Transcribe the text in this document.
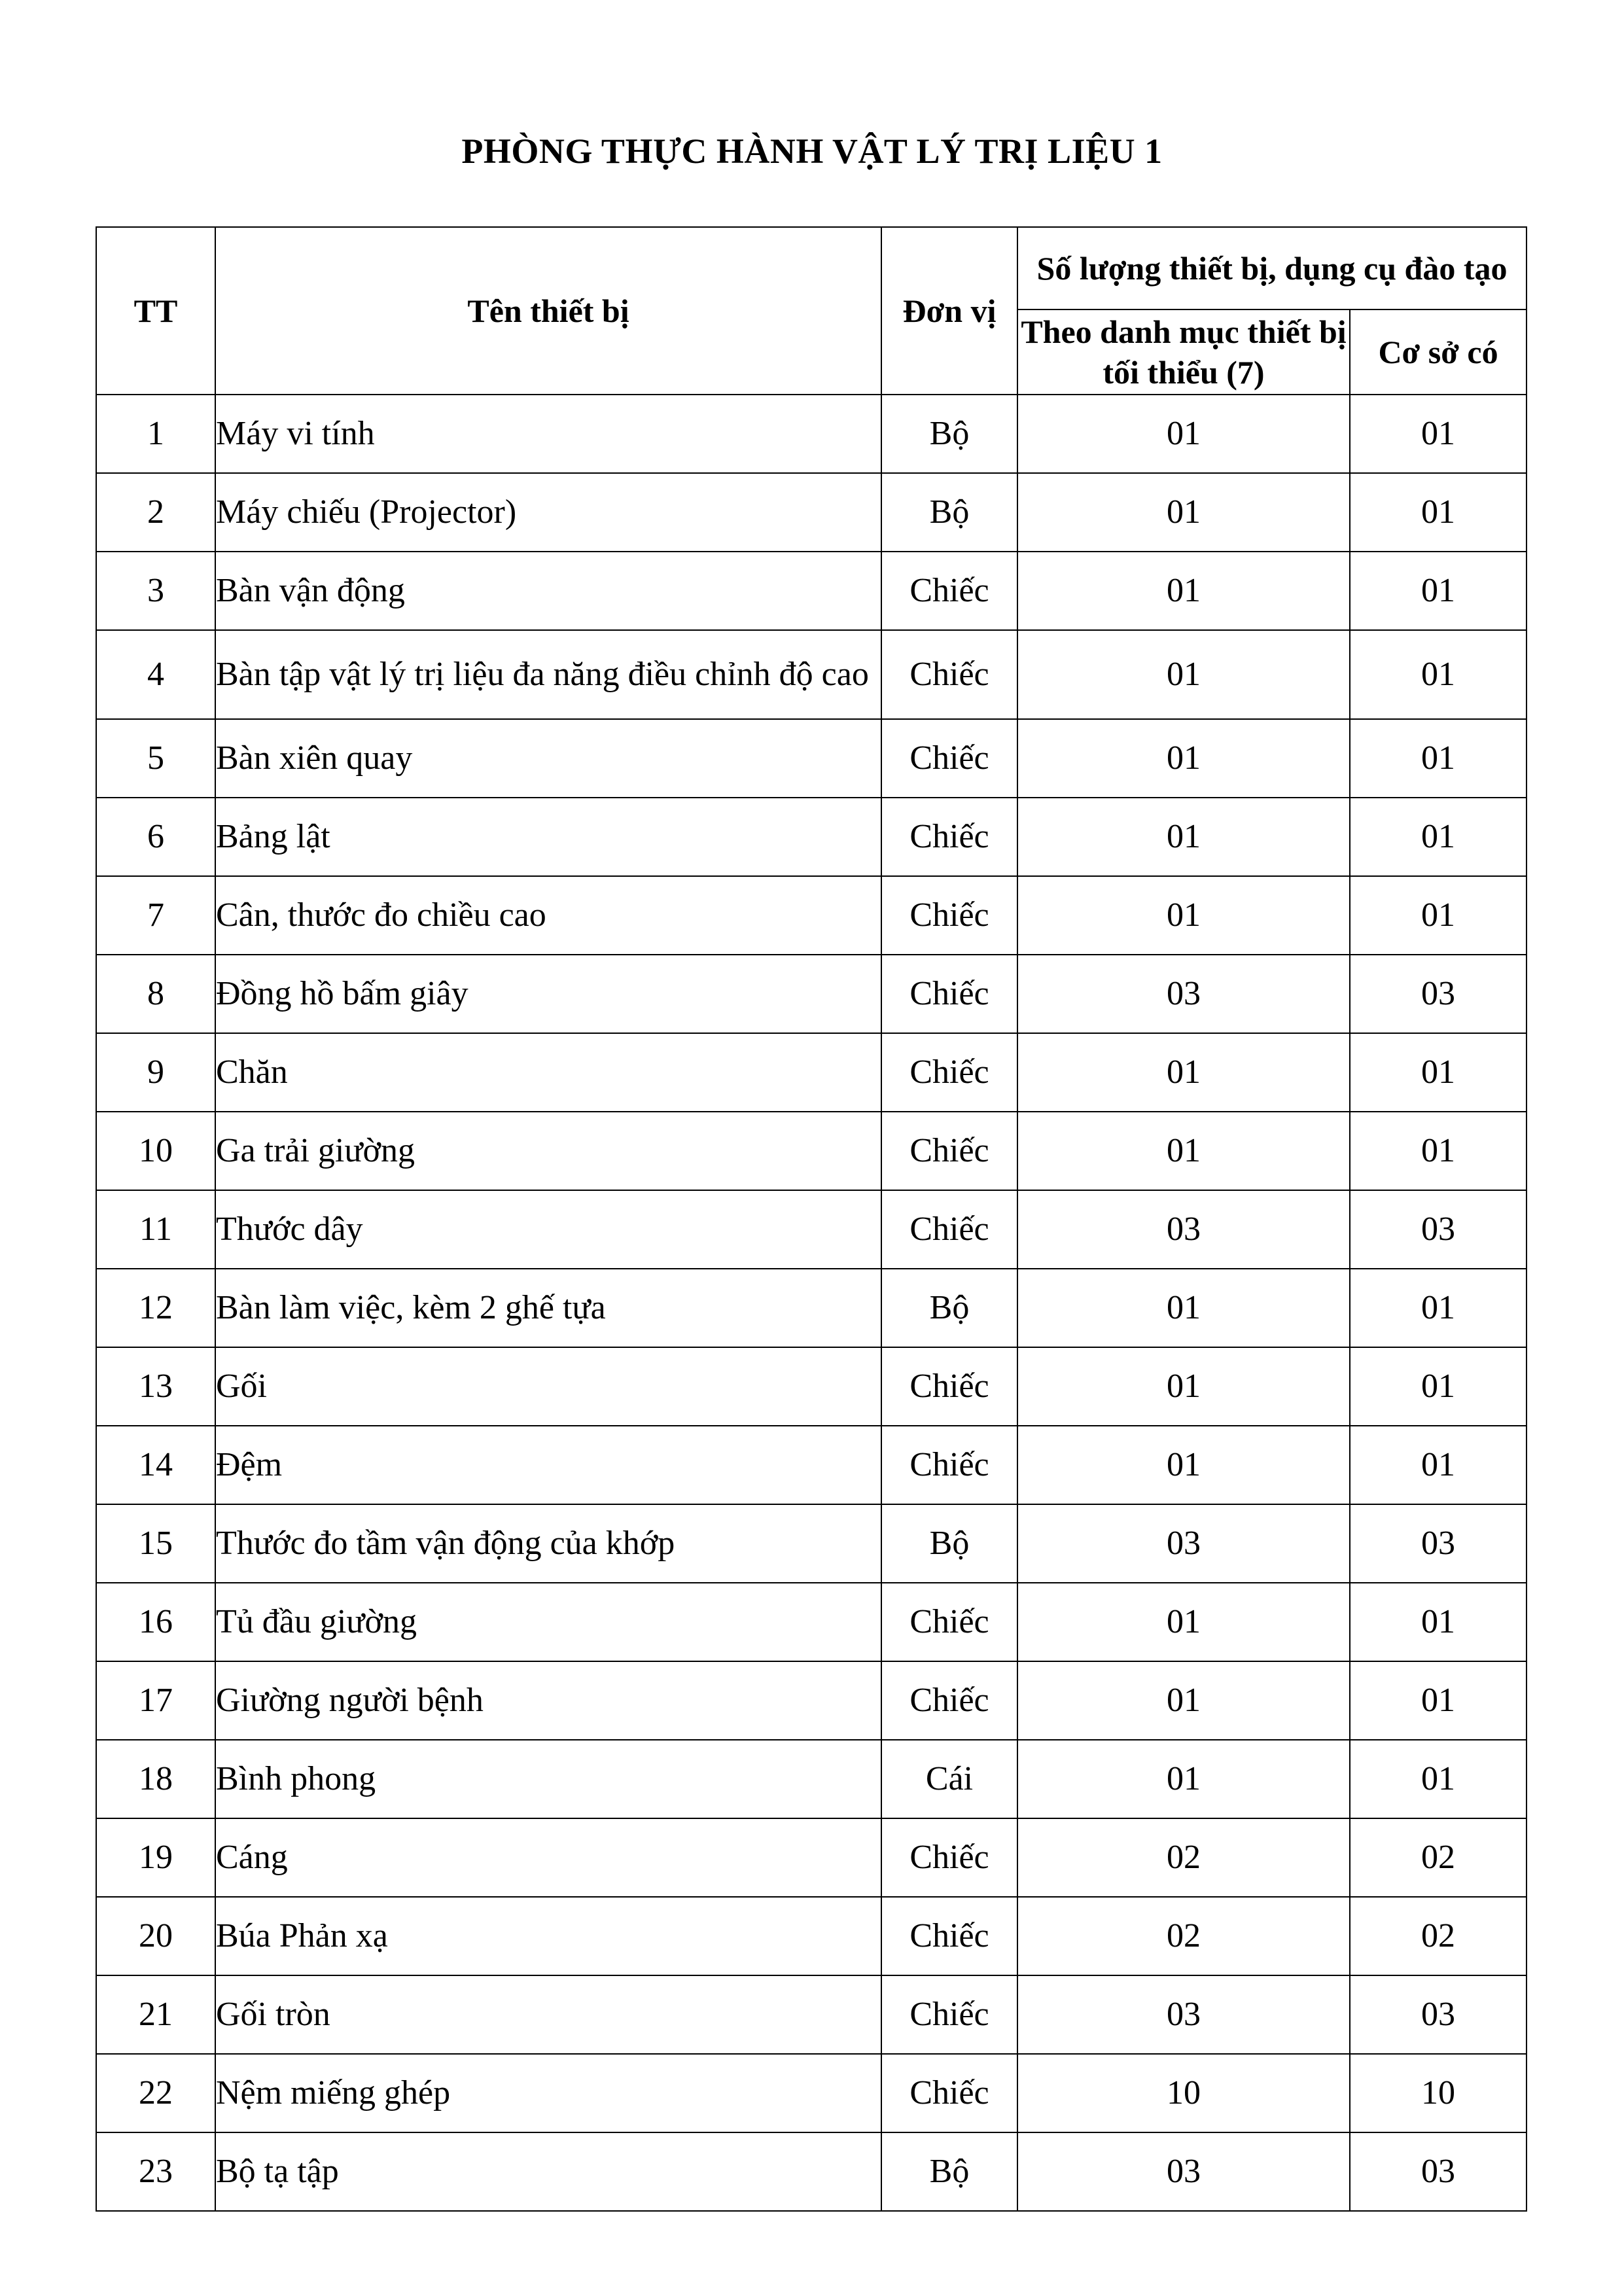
PHÒNG THỰC HÀNH VẬT LÝ TRỊ LIỆU 1
TT	Tên thiết bị	Đơn vị	Số lượng thiết bị, dụng cụ đào tạo	
			Theo danh mục thiết bị tối thiểu (7)	Cơ sở có
1	Máy vi tính	Bộ	01	01
2	Máy chiếu (Projector)	Bộ	01	01
3	Bàn vận động	Chiếc	01	01
4	Bàn tập vật lý trị liệu đa năng điều chỉnh độ cao	Chiếc	01	01
5	Bàn xiên quay	Chiếc	01	01
6	Bảng lật	Chiếc	01	01
7	Cân, thước đo chiều cao	Chiếc	01	01
8	Đồng hồ bấm giây	Chiếc	03	03
9	Chăn	Chiếc	01	01
10	Ga trải giường	Chiếc	01	01
11	Thước dây	Chiếc	03	03
12	Bàn làm việc, kèm 2 ghế tựa	Bộ	01	01
13	Gối	Chiếc	01	01
14	Đệm	Chiếc	01	01
15	Thước đo tầm vận động của khớp	Bộ	03	03
16	Tủ đầu giường	Chiếc	01	01
17	Giường người bệnh	Chiếc	01	01
18	Bình phong	Cái	01	01
19	Cáng	Chiếc	02	02
20	Búa Phản xạ	Chiếc	02	02
21	Gối tròn	Chiếc	03	03
22	Nệm miếng ghép	Chiếc	10	10
23	Bộ tạ tập	Bộ	03	03
